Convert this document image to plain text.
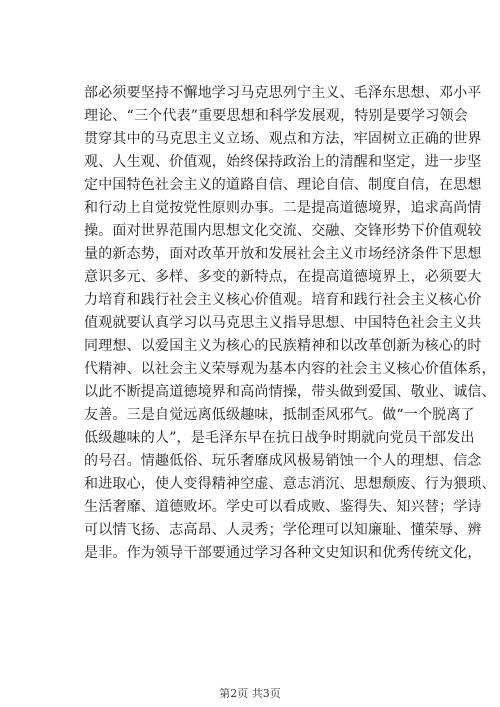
部必须要坚持不懈地学习马克思列宁主义、毛泽东思想、邓小平
理论、“三个代表”重要思想和科学发展观，特别是要学习领会
贯穿其中的马克思主义立场、观点和方法，牢固树立正确的世界
观、人生观、价值观，始终保持政治上的清醒和坚定，进一步坚
定中国特色社会主义的道路自信、理论自信、制度自信，在思想
和行动上自觉按党性原则办事。二是提高道德境界，追求高尚情
操。面对世界范围内思想文化交流、交融、交锋形势下价值观较
量的新态势，面对改革开放和发展社会主义市场经济条件下思想
意识多元、多样、多变的新特点，在提高道德境界上，必须要大
力培育和践行社会主义核心价值观。培育和践行社会主义核心价
值观就要认真学习以马克思主义指导思想、中国特色社会主义共
同理想、以爱国主义为核心的民族精神和以改革创新为核心的时
代精神、以社会主义荣辱观为基本内容的社会主义核心价值体系，
以此不断提高道德境界和高尚情操，带头做到爱国、敬业、诚信、
友善。三是自觉远离低级趣味，抵制歪风邪气。做“一个脱离了
低级趣味的人”，是毛泽东早在抗日战争时期就向党员干部发出
的号召。情趣低俗、玩乐奢靡成风极易销蚀一个人的理想、信念
和进取心，使人变得精神空虚、意志消沉、思想颓废、行为猥琐、
生活奢靡、道德败坏。学史可以看成败、鉴得失、知兴替；学诗
可以情飞扬、志高昂、人灵秀；学伦理可以知廉耻、懂荣辱、辨
是非。作为领导干部要通过学习各种文史知识和优秀传统文化，
第2页 共3页
